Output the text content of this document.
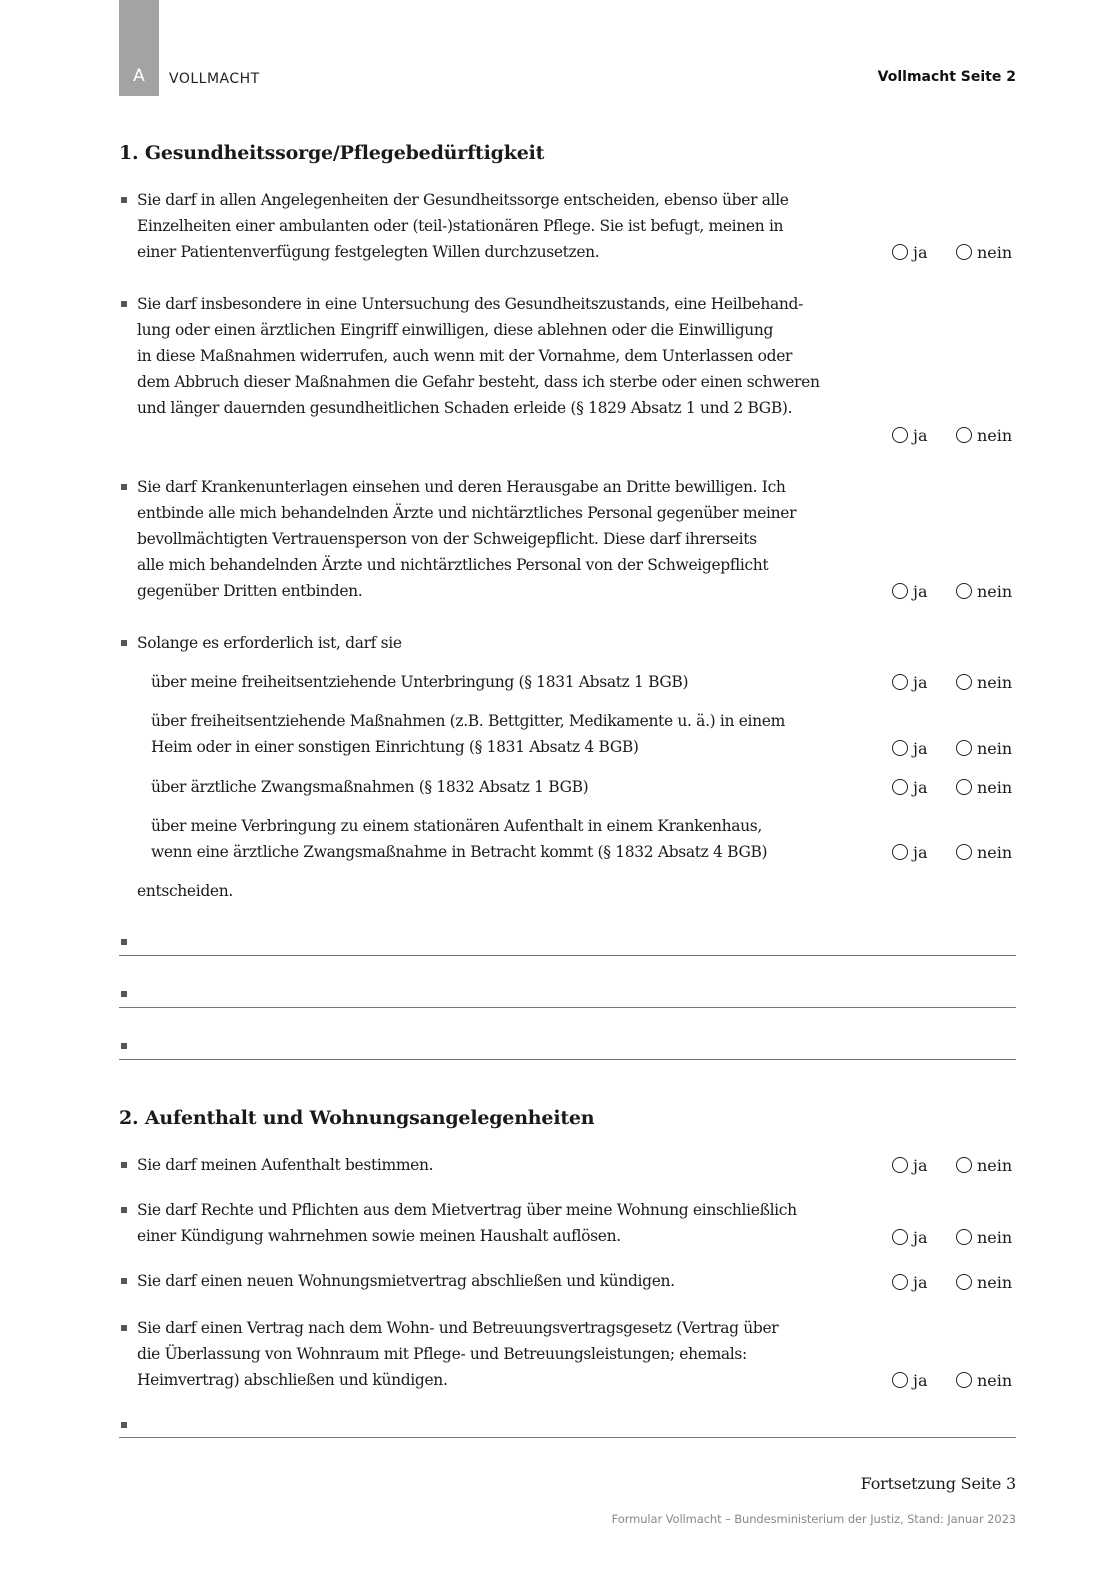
A	VOLLMACHT	Vollmacht Seite 2
1. Gesundheitssorge/Pflegebedürftigkeit
Sie darf in allen Angelegenheiten der Gesundheitssorge entscheiden, ebenso über alle
Einzelheiten einer ambulanten oder (teil-)stationären Pflege. Sie ist befugt, meinen in
einer Patientenverfügung festgelegten Willen durchzusetzen.	ja	nein
Sie darf insbesondere in eine Untersuchung des Gesundheitszustands, eine Heilbehand-
lung oder einen ärztlichen Eingriff einwilligen, diese ablehnen oder die Einwilligung
in diese Maßnahmen widerrufen, auch wenn mit der Vornahme, dem Unterlassen oder
dem Abbruch dieser Maßnahmen die Gefahr besteht, dass ich sterbe oder einen schweren
und länger dauernden gesundheitlichen Schaden erleide (§ 1829 Absatz 1 und 2 BGB).
ja	nein
Sie darf Krankenunterlagen einsehen und deren Herausgabe an Dritte bewilligen. Ich
entbinde alle mich behandelnden Ärzte und nichtärztliches Personal gegenüber meiner
bevollmächtigten Vertrauensperson von der Schweigepflicht. Diese darf ihrerseits
alle mich behandelnden Ärzte und nichtärztliches Personal von der Schweigepflicht
gegenüber Dritten entbinden.	ja	nein
Solange es erforderlich ist, darf sie
über meine freiheitsentziehende Unterbringung (§ 1831 Absatz 1 BGB)	ja	nein
über freiheitsentziehende Maßnahmen (z.B. Bettgitter, Medikamente u. ä.) in einem
Heim oder in einer sonstigen Einrichtung (§ 1831 Absatz 4 BGB)	ja	nein
über ärztliche Zwangsmaßnahmen (§ 1832 Absatz 1 BGB)	ja	nein
über meine Verbringung zu einem stationären Aufenthalt in einem Krankenhaus,
wenn eine ärztliche Zwangsmaßnahme in Betracht kommt (§ 1832 Absatz 4 BGB)	ja	nein
entscheiden.
2. Aufenthalt und Wohnungsangelegenheiten
Sie darf meinen Aufenthalt bestimmen.	ja	nein
Sie darf Rechte und Pflichten aus dem Mietvertrag über meine Wohnung einschließlich
einer Kündigung wahrnehmen sowie meinen Haushalt auflösen.	ja	nein
Sie darf einen neuen Wohnungsmietvertrag abschließen und kündigen.	ja	nein
Sie darf einen Vertrag nach dem Wohn- und Betreuungsvertragsgesetz (Vertrag über
die Überlassung von Wohnraum mit Pflege- und Betreuungsleistungen; ehemals:
Heimvertrag) abschließen und kündigen.	ja	nein
Fortsetzung Seite 3
Formular Vollmacht – Bundesministerium der Justiz, Stand: Januar 2023
